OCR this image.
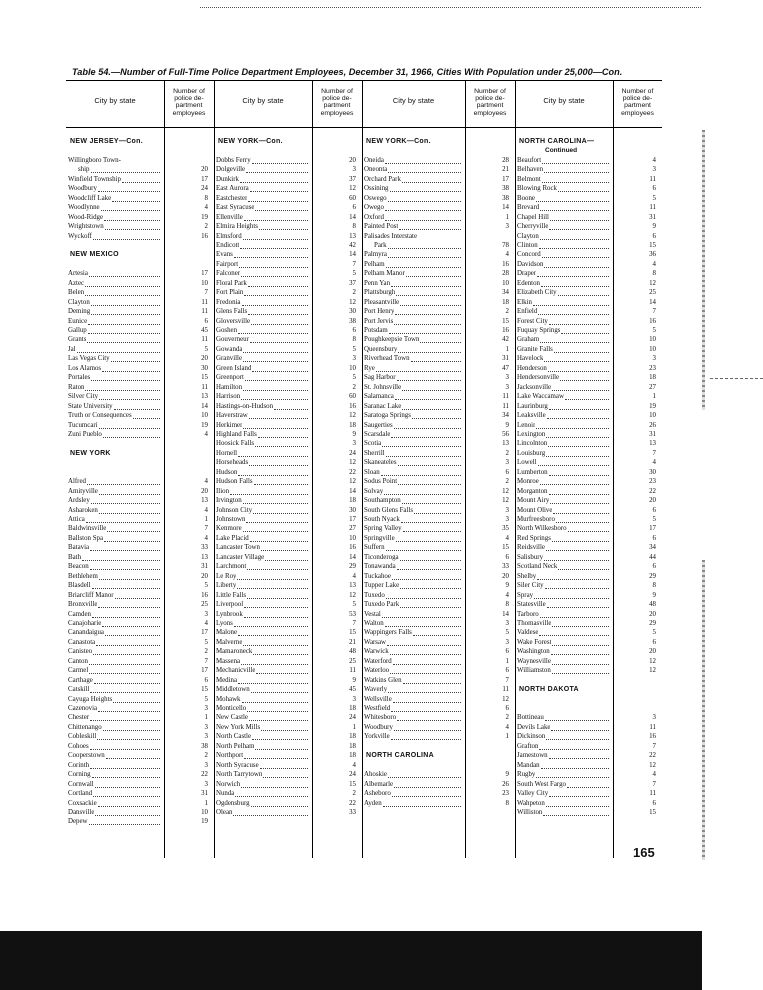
Table 54.—Number of Full-Time Police Department Employees, December 31, 1966, Cities With Population under 25,000—Con.
City by state
Number of
police de-
partment
employees
NEW JERSEY—Con.
Willingboro Town-
ship	20
Winfield Township	17
Woodbury	24
Woodcliff Lake	8
Woodlynne	4
Wood-Ridge	19
Wrightstown	2
Wyckoff	16
NEW MEXICO
Artesia	17
Aztec	10
Belen	7
Clayton	11
Deming	11
Eunice	6
Gallup	45
Grants	11
Jal	5
Las Vegas City	20
Los Alamos	30
Portales	15
Raton	11
Silver City	13
State University	14
Truth or Consequences	10
Tucumcari	19
Zuni Pueblo	4
NEW YORK
Alfred	4
Amityville	20
Ardsley	13
Asharoken	4
Attica	1
Baldwinsville	7
Ballston Spa	4
Batavia	33
Bath	13
Beacon	31
Bethlehem	20
Blasdell	5
Briarcliff Manor	16
Bronxville	25
Camden	3
Canajoharie	4
Canandaigua	17
Canastota	5
Canisteo	2
Canton	7
Carmel	17
Carthage	6
Catskill	15
Cayuga Heights	5
Cazenovia	3
Chester	1
Chittenango	3
Cobleskill	3
Cohoes	38
Cooperstown	2
Corinth	3
Corning	22
Cornwall	3
Cortland	31
Coxsackie	1
Dansville	10
Depew	19
City by state
Number of
police de-
partment
employees
NEW YORK—Con.
Dobbs Ferry	20
Dolgeville	3
Dunkirk	37
East Aurora	12
Eastchester	60
East Syracuse	6
Ellenville	14
Elmira Heights	8
Elmsford	13
Endicott	42
Evans	14
Fairport	7
Falconer	5
Floral Park	37
Fort Plain	2
Fredonia	12
Glens Falls	30
Gloversville	38
Goshen	6
Gouverneur	8
Gowanda	5
Granville	3
Green Island	10
Greenport	5
Hamilton	2
Harrison	60
Hastings-on-Hudson	16
Haverstraw	12
Herkimer	18
Highland Falls	9
Hoosick Falls	3
Hornell	24
Horseheads	12
Hudson	22
Hudson Falls	12
Ilion	14
Irvington	18
Johnson City	30
Johnstown	17
Kenmore	27
Lake Placid	10
Lancaster Town	16
Lancaster Village	14
Larchmont	29
Le Roy	4
Liberty	13
Little Falls	12
Liverpool	5
Lynbrook	53
Lyons	7
Malone	15
Malverne	21
Mamaroneck	48
Massena	25
Mechanicville	11
Medina	9
Middletown	45
Mohawk	3
Monticello	18
New Castle	24
New York Mills	1
North Castle	18
North Pelham	18
Northport	18
North Syracuse	4
North Tarrytown	24
Norwich	15
Nunda	2
Ogdensburg	22
Olean	33
City by state
Number of
police de-
partment
employees
NEW YORK—Con.
Oneida	28
Oneonta	21
Orchard Park	17
Ossining	38
Oswego	38
Owego	14
Oxford	1
Painted Post	3
Palisades Interstate
Park	78
Palmyra	4
Pelham	16
Pelham Manor	28
Penn Yan	10
Plattsburgh	34
Pleasantville	18
Port Henry	2
Port Jervis	15
Potsdam	16
Poughkeepsie Town	42
Queensbury	1
Riverhead Town	31
Rye	47
Sag Harbor	3
St. Johnsville	3
Salamanca	11
Saranac Lake	11
Saratoga Springs	34
Saugerties	9
Scarsdale	56
Scotia	13
Sherrill	2
Skaneateles	3
Sloan	6
Sodus Point	2
Solvay	12
Southampton	12
South Glens Falls	3
South Nyack	3
Spring Valley	35
Springville	4
Suffern	15
Ticonderoga	6
Tonawanda	33
Tuckahoe	20
Tupper Lake	9
Tuxedo	4
Tuxedo Park	8
Vestal	14
Walton	3
Wappingers Falls	5
Warsaw	3
Warwick	6
Waterford	1
Waterloo	6
Watkins Glen	7
Waverly	11
Wellsville	12
Westfield	6
Whitesboro	2
Woodbury	4
Yorkville	1
NORTH CAROLINA
Ahoskie	9
Albemarle	26
Asheboro	23
Ayden	8
City by state
Number of
police de-
partment
employees
NORTH CAROLINA—
Continued
Beaufort	4
Belhaven	3
Belmont	11
Blowing Rock	6
Boone	5
Brevard	11
Chapel Hill	31
Cherryville	9
Clayton	6
Clinton	15
Concord	36
Davidson	4
Draper	8
Edenton	12
Elizabeth City	25
Elkin	14
Enfield	7
Forest City	16
Fuquay Springs	5
Graham	10
Granite Falls	10
Havelock	3
Henderson	23
Hendersonville	18
Jacksonville	27
Lake Waccamaw	1
Laurinburg	19
Leaksville	10
Lenoir	26
Lexington	31
Lincolnton	13
Louisburg	7
Lowell	4
Lumberton	30
Monroe	23
Morganton	22
Mount Airy	20
Mount Olive	6
Murfreesboro	5
North Wilkesboro	17
Red Springs	6
Reidsville	34
Salisbury	44
Scotland Neck	6
Shelby	29
Siler City	8
Spray	9
Statesville	48
Tarboro	20
Thomasville	29
Valdese	5
Wake Forest	6
Washington	20
Waynesville	12
Williamston	12
NORTH DAKOTA
Bottineau	3
Devils Lake	11
Dickinson	16
Grafton	7
Jamestown	22
Mandan	12
Rugby	4
South West Fargo	7
Valley City	11
Wahpeton	6
Williston	15
165
